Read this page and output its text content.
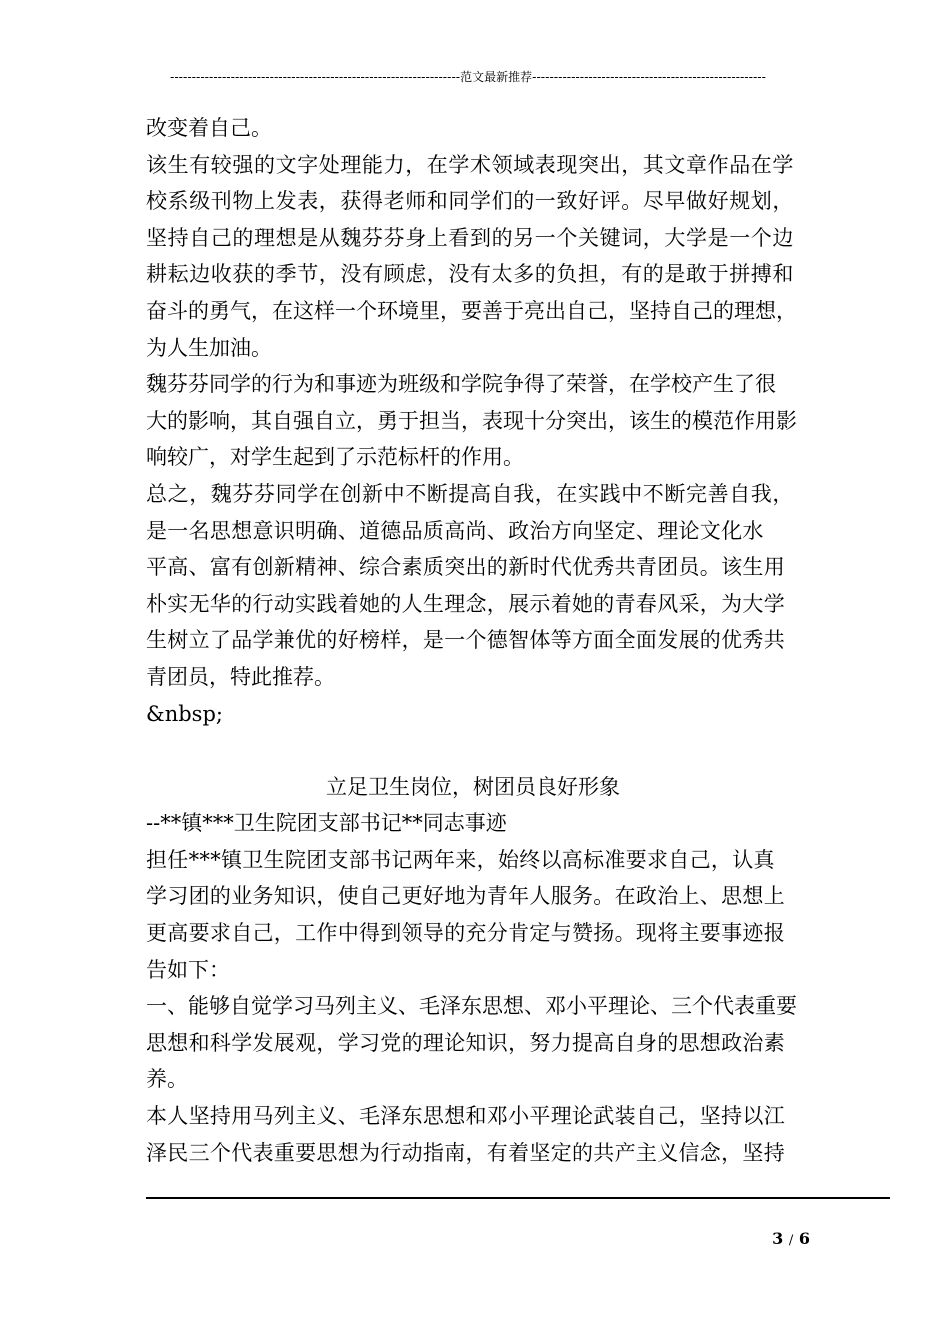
-------------------------------------------------------------------范文最新推荐------------------------------------------------------
改变着自己。
该生有较强的文字处理能力，在学术领域表现突出，其文章作品在学
校系级刊物上发表，获得老师和同学们的一致好评。尽早做好规划，
坚持自己的理想是从魏芬芬身上看到的另一个关键词，大学是一个边
耕耘边收获的季节，没有顾虑，没有太多的负担，有的是敢于拼搏和
奋斗的勇气，在这样一个环境里，要善于亮出自己，坚持自己的理想，
为人生加油。
魏芬芬同学的行为和事迹为班级和学院争得了荣誉，在学校产生了很
大的影响，其自强自立，勇于担当，表现十分突出，该生的模范作用影
响较广，对学生起到了示范标杆的作用。
总之，魏芬芬同学在创新中不断提高自我，在实践中不断完善自我，
是一名思想意识明确、道德品质高尚、政治方向坚定、理论文化水
平高、富有创新精神、综合素质突出的新时代优秀共青团员。该生用
朴实无华的行动实践着她的人生理念，展示着她的青春风采，为大学
生树立了品学兼优的好榜样，是一个德智体等方面全面发展的优秀共
青团员，特此推荐。
&nbsp;
立足卫生岗位，树团员良好形象
--**镇***卫生院团支部书记**同志事迹
担任***镇卫生院团支部书记两年来，始终以高标准要求自己，认真
学习团的业务知识，使自己更好地为青年人服务。在政治上、思想上
更高要求自己，工作中得到领导的充分肯定与赞扬。现将主要事迹报
告如下：
一、能够自觉学习马列主义、毛泽东思想、邓小平理论、三个代表重要
思想和科学发展观，学习党的理论知识，努力提高自身的思想政治素
养。
本人坚持用马列主义、毛泽东思想和邓小平理论武装自己，坚持以江
泽民三个代表重要思想为行动指南，有着坚定的共产主义信念，坚持
3 / 6
